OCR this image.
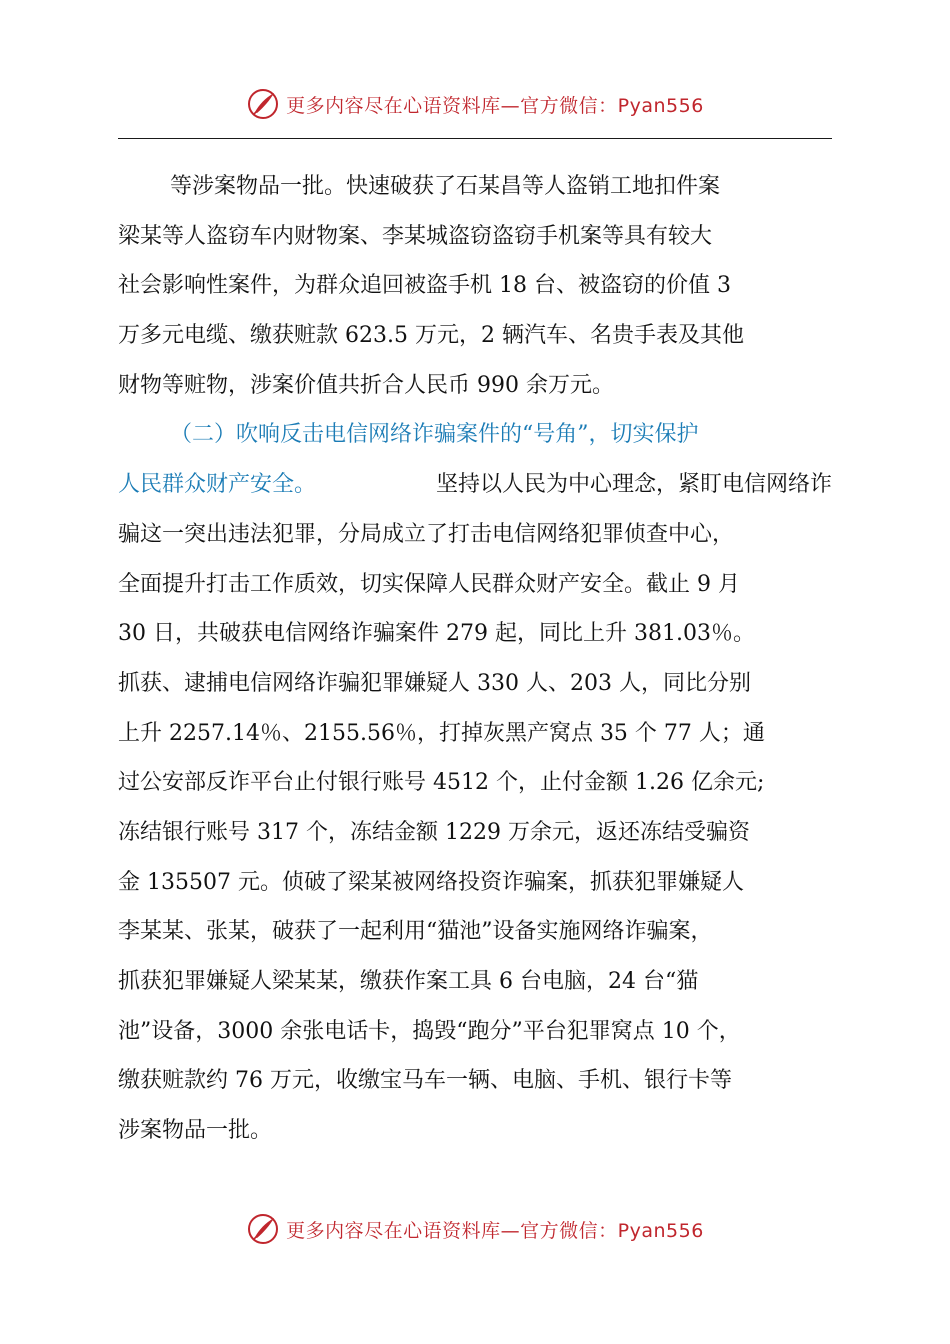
更多内容尽在心语资料库—官方微信：Pyan556
等涉案物品一批。快速破获了石某昌等人盗销工地扣件案
梁某等人盗窃车内财物案、李某城盗窃盗窃手机案等具有较大
社会影响性案件，为群众追回被盗手机 18 台、被盗窃的价值 3
万多元电缆、缴获赃款 623.5 万元，2 辆汽车、名贵手表及其他
财物等赃物，涉案价值共折合人民币 990 余万元。
（二）吹响反击电信网络诈骗案件的“号角”，切实保护
人民群众财产安全。	坚持以人民为中心理念，紧盯电信网络诈
骗这一突出违法犯罪，分局成立了打击电信网络犯罪侦查中心，
全面提升打击工作质效，切实保障人民群众财产安全。截止 9 月
30 日，共破获电信网络诈骗案件 279 起，同比上升 381.03％。
抓获、逮捕电信网络诈骗犯罪嫌疑人 330 人、203 人，同比分别
上升 2257.14％、2155.56％，打掉灰黑产窝点 35 个 77 人；通
过公安部反诈平台止付银行账号 4512 个，止付金额 1.26 亿余元;
冻结银行账号 317 个，冻结金额 1229 万余元，返还冻结受骗资
金 135507 元。侦破了梁某被网络投资诈骗案，抓获犯罪嫌疑人
李某某、张某，破获了一起利用“猫池”设备实施网络诈骗案，
抓获犯罪嫌疑人梁某某，缴获作案工具 6 台电脑，24 台“猫
池”设备，3000 余张电话卡，捣毁“跑分”平台犯罪窝点 10 个，
缴获赃款约 76 万元，收缴宝马车一辆、电脑、手机、银行卡等
涉案物品一批。
更多内容尽在心语资料库—官方微信：Pyan556
